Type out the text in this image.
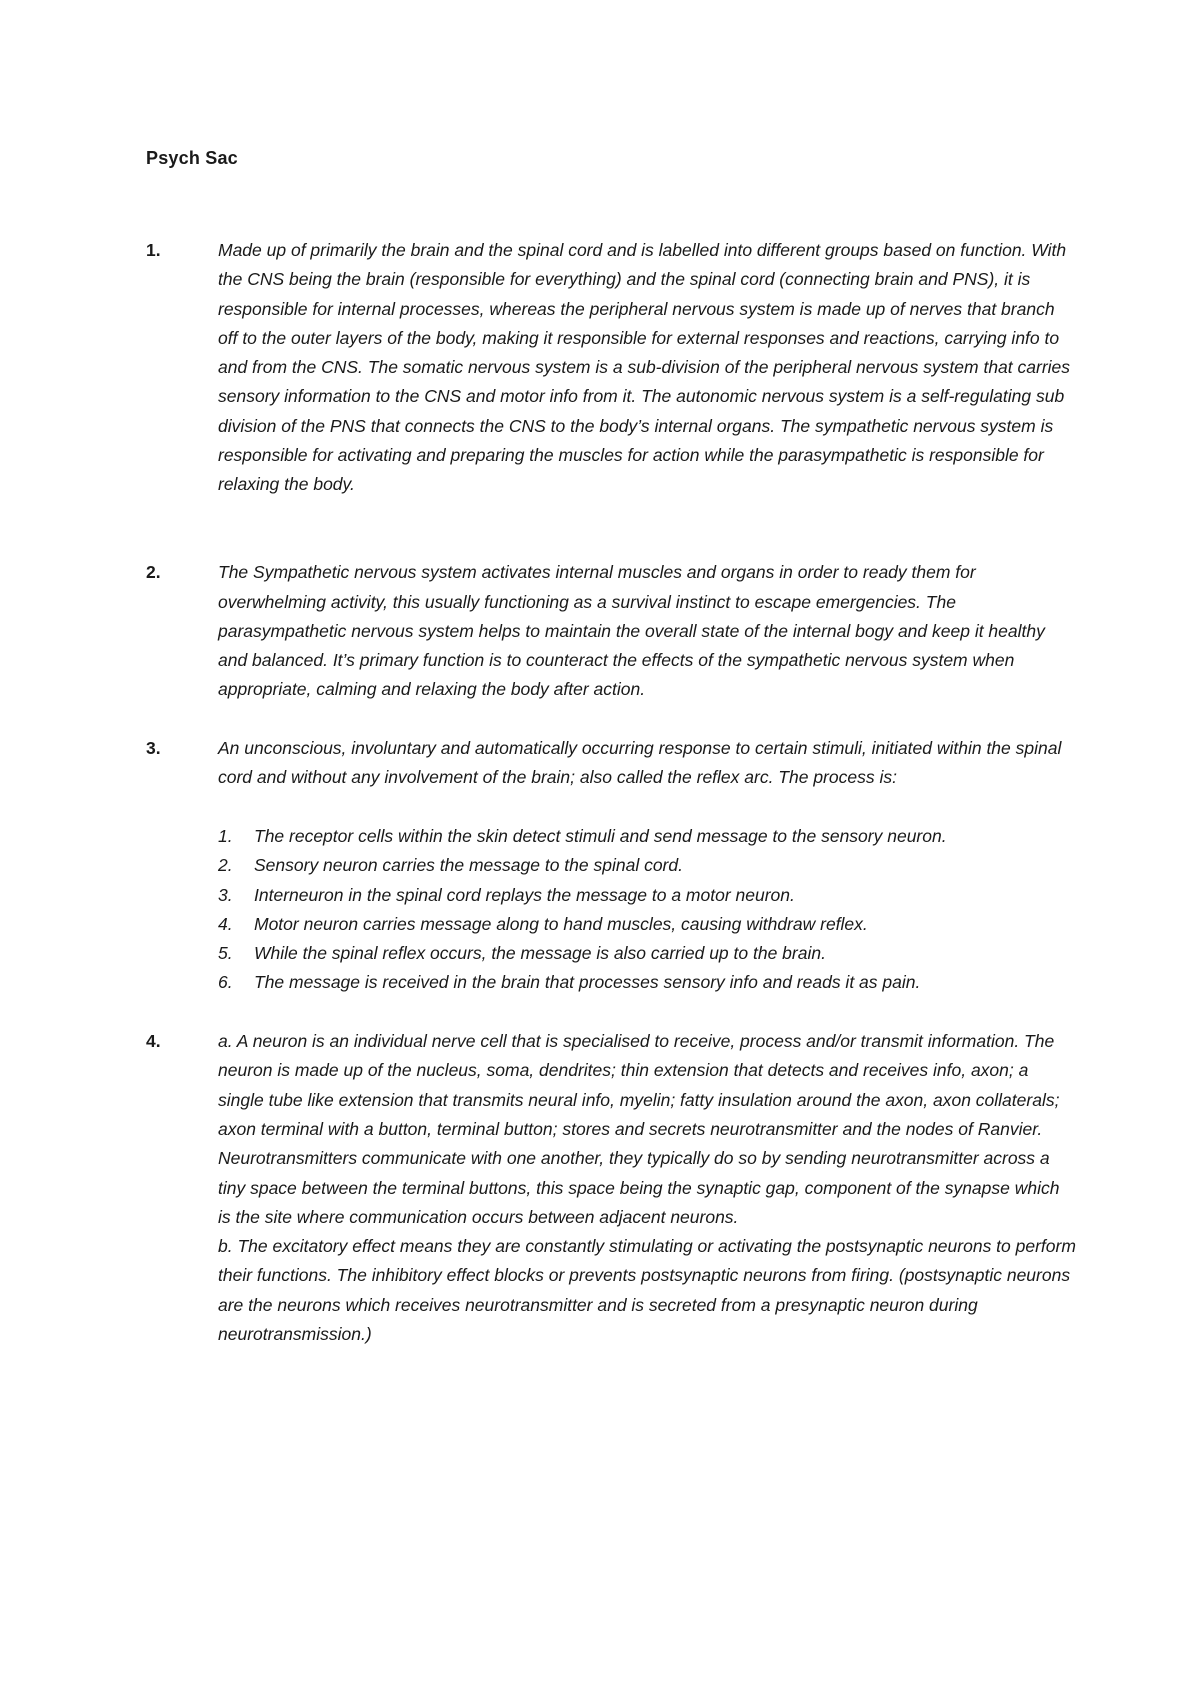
Psych Sac
1.	Made up of primarily the brain and the spinal cord and is labelled into different groups based on function. With the CNS being the brain (responsible for everything) and the spinal cord (connecting brain and PNS), it is responsible for internal processes, whereas the peripheral nervous system is made up of nerves that branch off to the outer layers of the body, making it responsible for external responses and reactions, carrying info to and from the CNS. The somatic nervous system is a sub-division of the peripheral nervous system that carries sensory information to the CNS and motor info from it. The autonomic nervous system is a self-regulating sub division of the PNS that connects the CNS to the body’s internal organs. The sympathetic nervous system is responsible for activating and preparing the muscles for action while the parasympathetic is responsible for relaxing the body.

2.	The Sympathetic nervous system activates internal muscles and organs in order to ready them for overwhelming activity, this usually functioning as a survival instinct to escape emergencies. The parasympathetic nervous system helps to maintain the overall state of the internal bogy and keep it healthy and balanced. It’s primary function is to counteract the effects of the sympathetic nervous system when appropriate, calming and relaxing the body after action.

3.	An unconscious, involuntary and automatically occurring response to certain stimuli, initiated within the spinal cord and without any involvement of the brain; also called the reflex arc. The process is:

1.	The receptor cells within the skin detect stimuli and send message to the sensory neuron.
2.	Sensory neuron carries the message to the spinal cord.
3.	Interneuron in the spinal cord replays the message to a motor neuron.
4.	Motor neuron carries message along to hand muscles, causing withdraw reflex.
5.	While the spinal reflex occurs, the message is also carried up to the brain.
6.	The message is received in the brain that processes sensory info and reads it as pain.
4.	a. A neuron is an individual nerve cell that is specialised to receive, process and/or transmit information. The neuron is made up of the nucleus, soma, dendrites; thin extension that detects and receives info, axon; a single tube like extension that transmits neural info, myelin; fatty insulation around the axon, axon collaterals; axon terminal with a button, terminal button; stores and secrets neurotransmitter and the nodes of Ranvier. Neurotransmitters communicate with one another, they typically do so by sending neurotransmitter across a tiny space between the terminal buttons, this space being the synaptic gap, component of the synapse which is the site where communication occurs between adjacent neurons.

b. The excitatory effect means they are constantly stimulating or activating the postsynaptic neurons to perform their functions. The inhibitory effect blocks or prevents postsynaptic neurons from firing. (postsynaptic neurons are the neurons which receives neurotransmitter and is secreted from a presynaptic neuron during neurotransmission.)
